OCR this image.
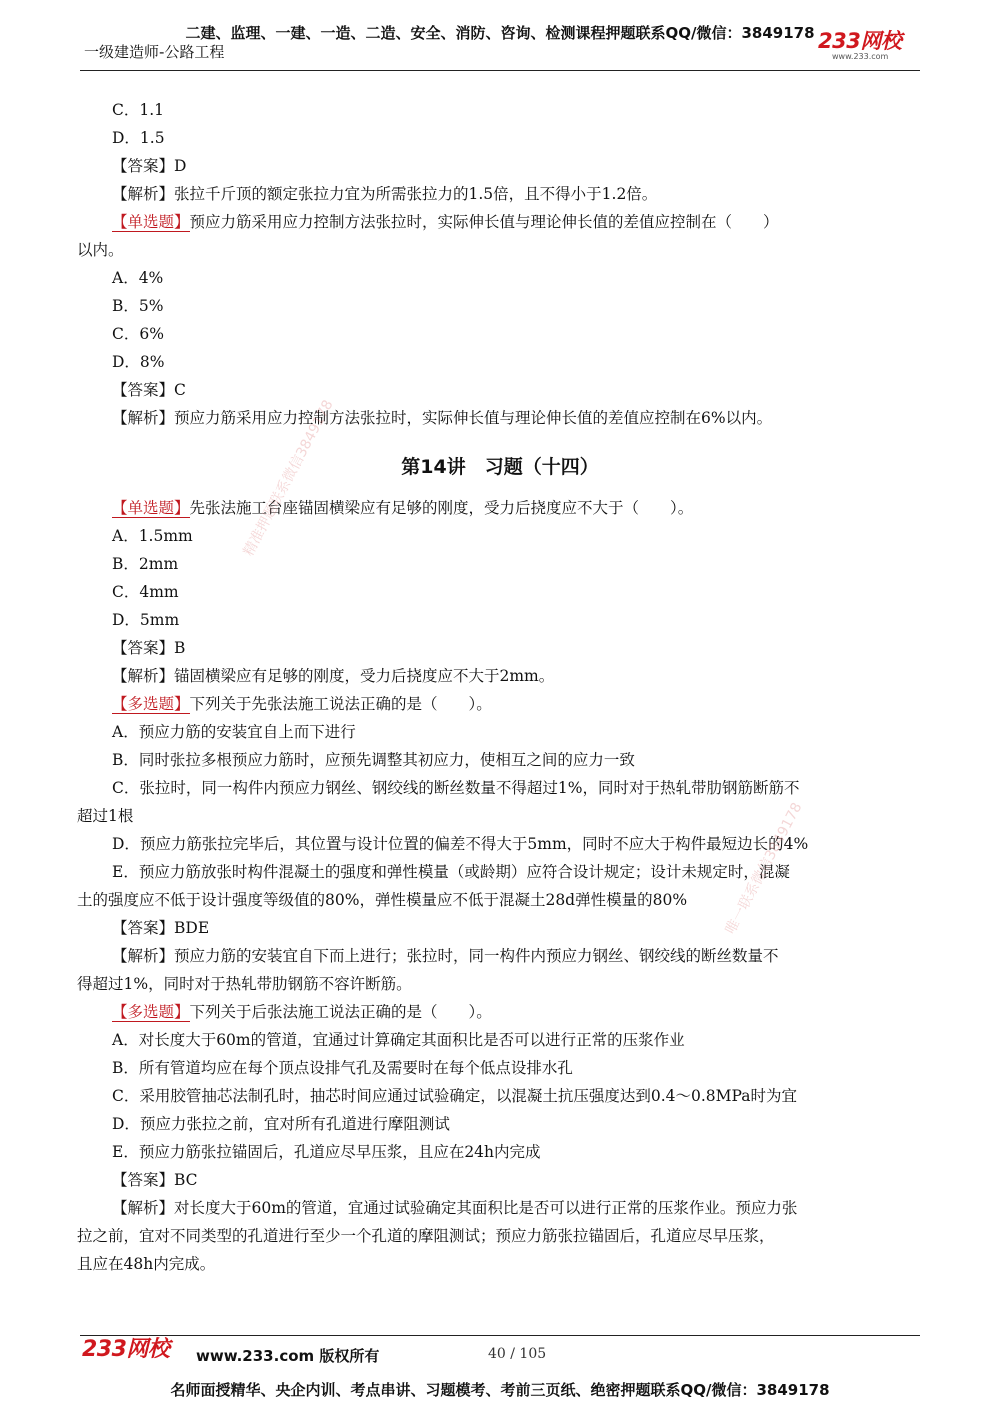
二建、监理、一建、一造、二造、安全、消防、咨询、检测课程押题联系QQ/微信：3849178
一级建造师-公路工程	233网校
www.233.com
C．1.1
D．1.5
【答案】D
【解析】张拉千斤顶的额定张拉力宜为所需张拉力的1.5倍，且不得小于1.2倍。
【单选题】预应力筋采用应力控制方法张拉时，实际伸长值与理论伸长值的差值应控制在（　　）
以内。
A．4%
B．5%
C．6%
D．8%
【答案】C
【解析】预应力筋采用应力控制方法张拉时，实际伸长值与理论伸长值的差值应控制在6%以内。
第14讲　习题（十四）
【单选题】先张法施工台座锚固横梁应有足够的刚度，受力后挠度应不大于（　　）。
A．1.5mm
B．2mm
C．4mm
D．5mm
【答案】B
【解析】锚固横梁应有足够的刚度，受力后挠度应不大于2mm。
【多选题】下列关于先张法施工说法正确的是（　　）。
A．预应力筋的安装宜自上而下进行
B．同时张拉多根预应力筋时，应预先调整其初应力，使相互之间的应力一致
C．张拉时，同一构件内预应力钢丝、钢绞线的断丝数量不得超过1%，同时对于热轧带肋钢筋断筋不
超过1根
D．预应力筋张拉完毕后，其位置与设计位置的偏差不得大于5mm，同时不应大于构件最短边长的4%
E．预应力筋放张时构件混凝土的强度和弹性模量（或龄期）应符合设计规定；设计未规定时，混凝
土的强度应不低于设计强度等级值的80%，弹性模量应不低于混凝土28d弹性模量的80%
【答案】BDE
【解析】预应力筋的安装宜自下而上进行；张拉时，同一构件内预应力钢丝、钢绞线的断丝数量不
得超过1%，同时对于热轧带肋钢筋不容许断筋。
【多选题】下列关于后张法施工说法正确的是（　　）。
A．对长度大于60m的管道，宜通过计算确定其面积比是否可以进行正常的压浆作业
B．所有管道均应在每个顶点设排气孔及需要时在每个低点设排水孔
C．采用胶管抽芯法制孔时，抽芯时间应通过试验确定，以混凝土抗压强度达到0.4～0.8MPa时为宜
D．预应力张拉之前，宜对所有孔道进行摩阻测试
E．预应力筋张拉锚固后，孔道应尽早压浆，且应在24h内完成
【答案】BC
【解析】对长度大于60m的管道，宜通过试验确定其面积比是否可以进行正常的压浆作业。预应力张
拉之前，宜对不同类型的孔道进行至少一个孔道的摩阻测试；预应力筋张拉锚固后，孔道应尽早压浆，
且应在48h内完成。
精准押题联系微信3849178
唯一联系微信3849178
233网校 www.233.com 版权所有	40 / 105
名师面授精华、央企内训、考点串讲、习题模考、考前三页纸、绝密押题联系QQ/微信：3849178
